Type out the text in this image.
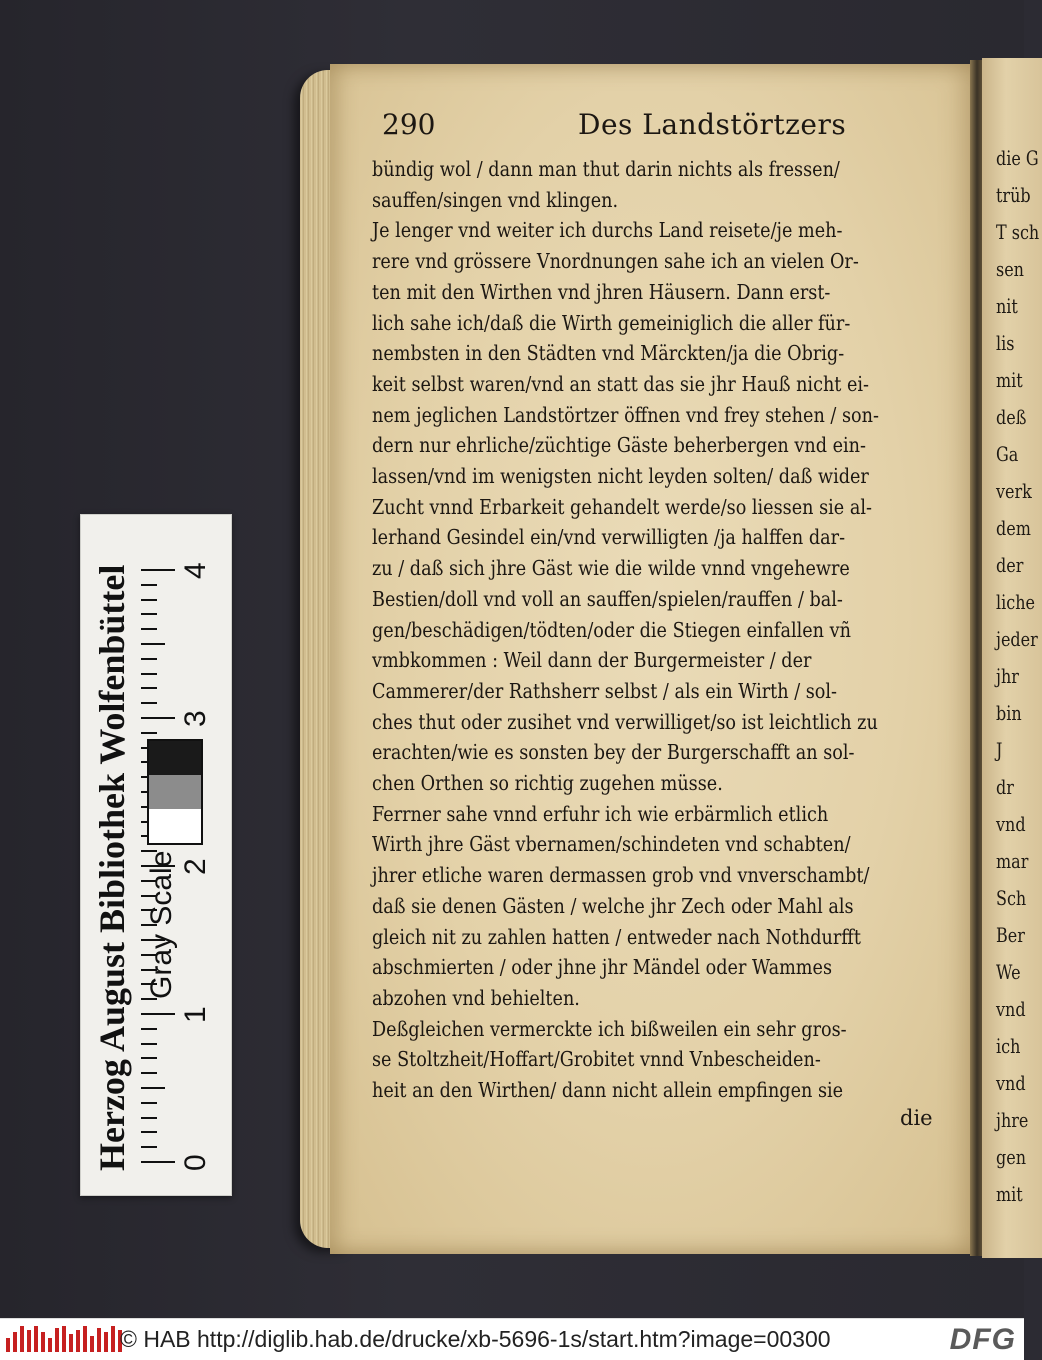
die G
trüb
T sch
sen
nit
lis
mit
deß
Ga
verk
dem
der
liche
jeder
jhr
bin
J
dr
vnd
mar
Sch
Ber
We
vnd
ich
vnd
jhre
gen
mit
290	Des Landstörtzers
die
bündig wol / dann man thut darin nichts als fressen/
sauffen/singen vnd klingen.
Je lenger vnd weiter ich durchs Land reisete/je meh-
rere vnd grössere Vnordnungen sahe ich an vielen Or-
ten mit den Wirthen vnd jhren Häusern. Dann erst-
lich sahe ich/daß die Wirth gemeiniglich die aller für-
nembsten in den Städten vnd Märckten/ja die Obrig-
keit selbst waren/vnd an statt das sie jhr Hauß nicht ei-
nem jeglichen Landstörtzer öffnen vnd frey stehen / son-
dern nur ehrliche/züchtige Gäste beherbergen vnd ein-
lassen/vnd im wenigsten nicht leyden solten/ daß wider
Zucht vnnd Erbarkeit gehandelt werde/so liessen sie al-
lerhand Gesindel ein/vnd verwilligten /ja halffen dar-
zu / daß sich jhre Gäst wie die wilde vnnd vngehewre
Bestien/doll vnd voll an sauffen/spielen/rauffen / bal-
gen/beschädigen/tödten/oder die Stiegen einfallen vñ
vmbkommen : Weil dann der Burgermeister / der
Cammerer/der Rathsherr selbst / als ein Wirth / sol-
ches thut oder zusihet vnd verwilliget/so ist leichtlich zu
erachten/wie es sonsten bey der Burgerschafft an sol-
chen Orthen so richtig zugehen müsse.
Ferrner sahe vnnd erfuhr ich wie erbärmlich etlich
Wirth jhre Gäst vbernamen/schindeten vnd schabten/
jhrer etliche waren dermassen grob vnd vnverschambt/
daß sie denen Gästen / welche jhr Zech oder Mahl als
gleich nit zu zahlen hatten / entweder nach Nothdurfft
abschmierten / oder jhne jhr Mändel oder Wammes
abzohen vnd behielten.
Deßgleichen vermerckte ich bißweilen ein sehr gros-
se Stoltzheit/Hoffart/Grobitet vnnd Vnbescheiden-
heit an den Wirthen/ dann nicht allein empfingen sie
Herzog August Bibliothek Wolfenbüttel 0
1
2
3
4
Gray Scale
© HAB http://diglib.hab.de/drucke/xb-5696-1s/start.htm?image=00300	DFG
